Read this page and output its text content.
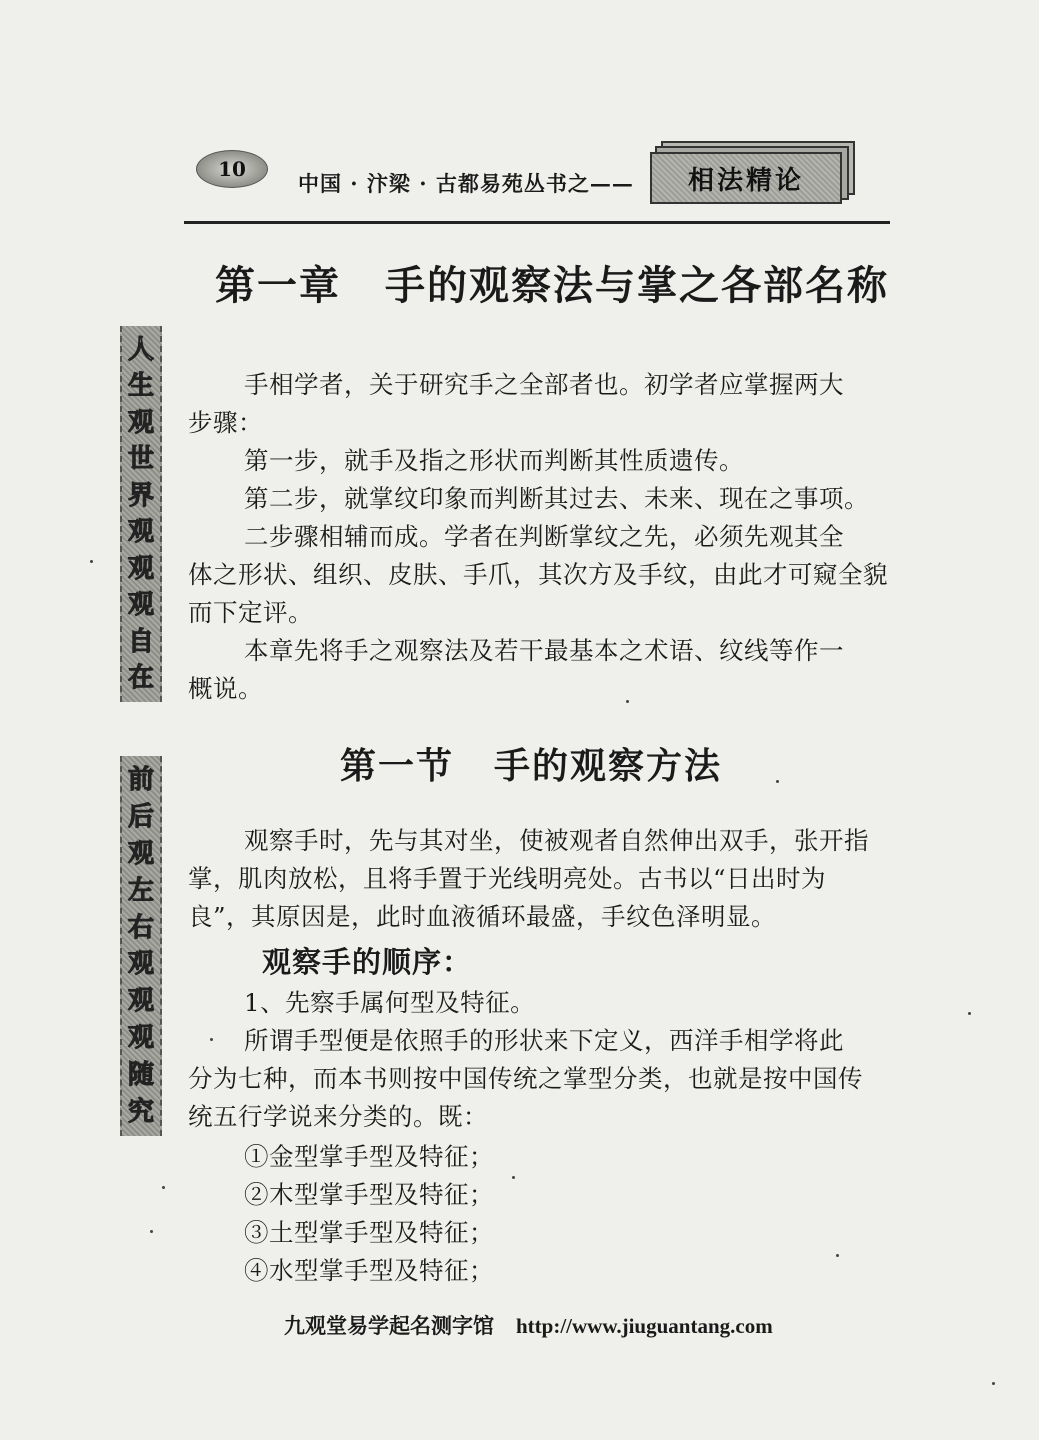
10
中国 · 汴梁 · 古都易苑丛书之——	相法精论
人
生
观
世
界
观
观
观
自
在
前
后
观
左
右
观
观
观
随
究
第一章 手的观察法与掌之各部名称
手相学者，关于研究手之全部者也。初学者应掌握两大
步骤：
第一步，就手及指之形状而判断其性质遗传。
第二步，就掌纹印象而判断其过去、未来、现在之事项。
二步骤相辅而成。学者在判断掌纹之先，必须先观其全
体之形状、组织、皮肤、手爪，其次方及手纹，由此才可窥全貌
而下定评。
本章先将手之观察法及若干最基本之术语、纹线等作一
概说。
第一节 手的观察方法
观察手时，先与其对坐，使被观者自然伸出双手，张开指
掌，肌肉放松，且将手置于光线明亮处。古书以“日出时为
良”，其原因是，此时血液循环最盛，手纹色泽明显。
观察手的顺序：
1、先察手属何型及特征。
所谓手型便是依照手的形状来下定义，西洋手相学将此
分为七种，而本书则按中国传统之掌型分类，也就是按中国传
统五行学说来分类的。既：
①金型掌手型及特征；
②木型掌手型及特征；
③土型掌手型及特征；
④水型掌手型及特征；
九观堂易学起名测字馆 http://www.jiuguantang.com
